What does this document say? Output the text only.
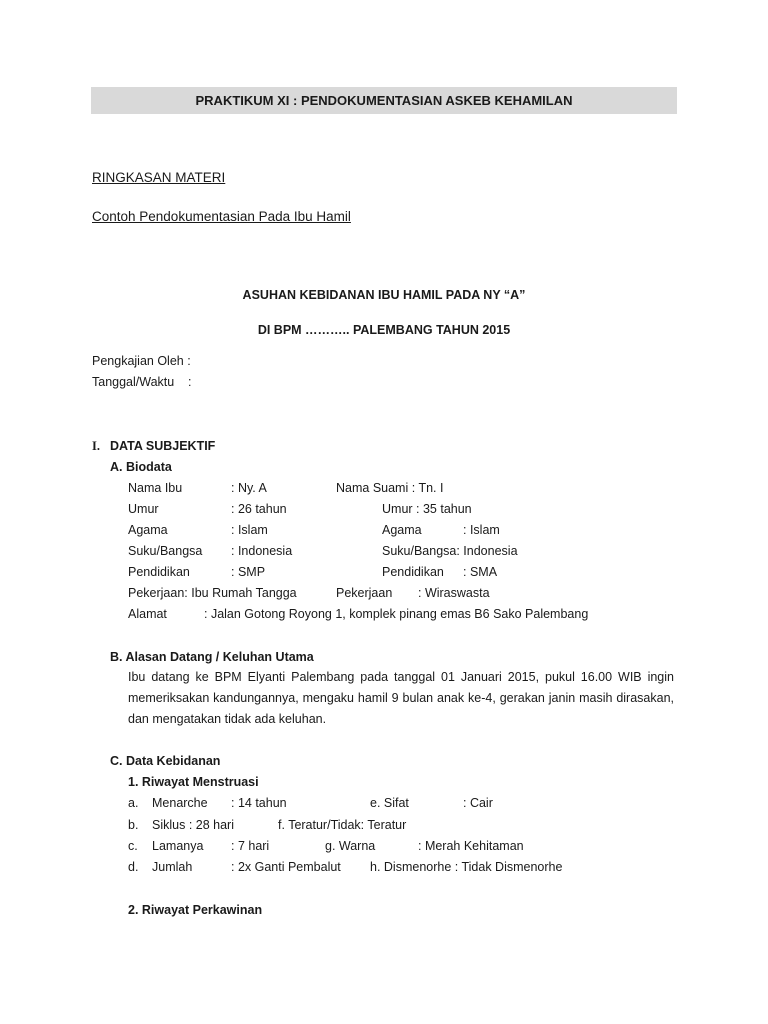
PRAKTIKUM XI : PENDOKUMENTASIAN ASKEB KEHAMILAN
RINGKASAN MATERI
Contoh Pendokumentasian Pada Ibu Hamil
ASUHAN KEBIDANAN IBU HAMIL PADA NY “A”
DI BPM ……….. PALEMBANG TAHUN 2015
Pengkajian Oleh :
Tanggal/Waktu :
I. DATA SUBJEKTIF
A. Biodata
Nama Ibu	: Ny. A	Nama Suami : Tn. I
Umur	: 26 tahun	Umur : 35 tahun
Agama	: Islam	Agama	: Islam
Suku/Bangsa : Indonesia	Suku/Bangsa: Indonesia
Pendidikan	: SMP	Pendidikan : SMA
Pekerjaan: Ibu Rumah Tangga	Pekerjaan : Wiraswasta
Alamat	: Jalan Gotong Royong 1, komplek pinang emas B6 Sako Palembang
B. Alasan Datang / Keluhan Utama
Ibu datang ke BPM Elyanti Palembang pada tanggal 01 Januari 2015, pukul 16.00 WIB ingin memeriksakan kandungannya, mengaku hamil 9 bulan anak ke-4, gerakan janin masih dirasakan, dan mengatakan tidak ada keluhan.
C. Data Kebidanan
1. Riwayat Menstruasi
a. Menarche : 14 tahun	e. Sifat	: Cair
b. Siklus : 28 hari	f. Teratur/Tidak: Teratur
c. Lamanya : 7 hari	g. Warna	: Merah Kehitaman
d. Jumlah	: 2x Ganti Pembalut h. Dismenorhe : Tidak Dismenorhe
2. Riwayat Perkawinan
